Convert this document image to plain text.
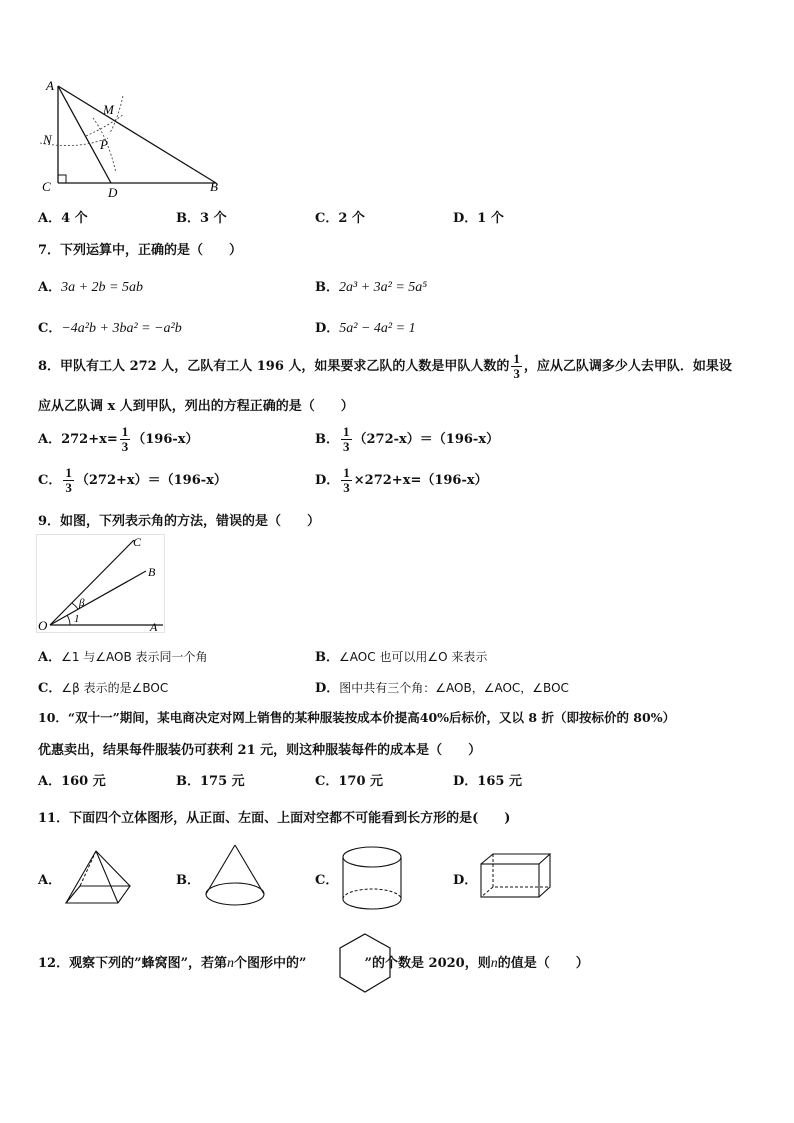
A
M
N	P
C	D	B
A．4 个	B．3 个	C．2 个	D．1 个
7．下列运算中，正确的是（　　）
A．3a + 2b = 5ab	B．2a³ + 3a² = 5a⁵
C．−4a²b + 3ba² = −a²b	D．5a² − 4a² = 1
8．甲队有工人 272 人，乙队有工人 196 人，如果要求乙队的人数是甲队人数的 $\frac{1}{3}$ ，应从乙队调多少人去甲队．如果设
应从乙队调 x 人到甲队，列出的方程正确的是（　　）
A．$272+x= \frac{1}{3} (196-x)$	B． $\frac{1}{3} (272-x)=(196-x)$
C． $\frac{1}{3} (272+x)=(196-x)$	D． $\frac{1}{3} \times 272+x=(196-x)$
9．如图，下列表示角的方法，错误的是（　　）
C
B
O	A
β
1
A．∠1 与∠AOB 表示同一个角	B．∠AOC 也可以用∠O 来表示
C．∠β 表示的是∠BOC	D．图中共有三个角：∠AOB，∠AOC，∠BOC
10．“双十一”期间，某电商决定对网上销售的某种服装按成本价提高40%后标价，又以 8 折（即按标价的 80%）
优惠卖出，结果每件服装仍可获利 21 元，则这种服装每件的成本是（　　）
A．160 元	B．175 元	C．170 元	D．165 元
11．下面四个立体图形，从正面、左面、上面对空都不可能看到长方形的是(　　)
A．	B．	C．	D．
12．观察下列的”蜂窝图”，若第n个图形中的”	”的个数是 2020，则n的值是（　　）
